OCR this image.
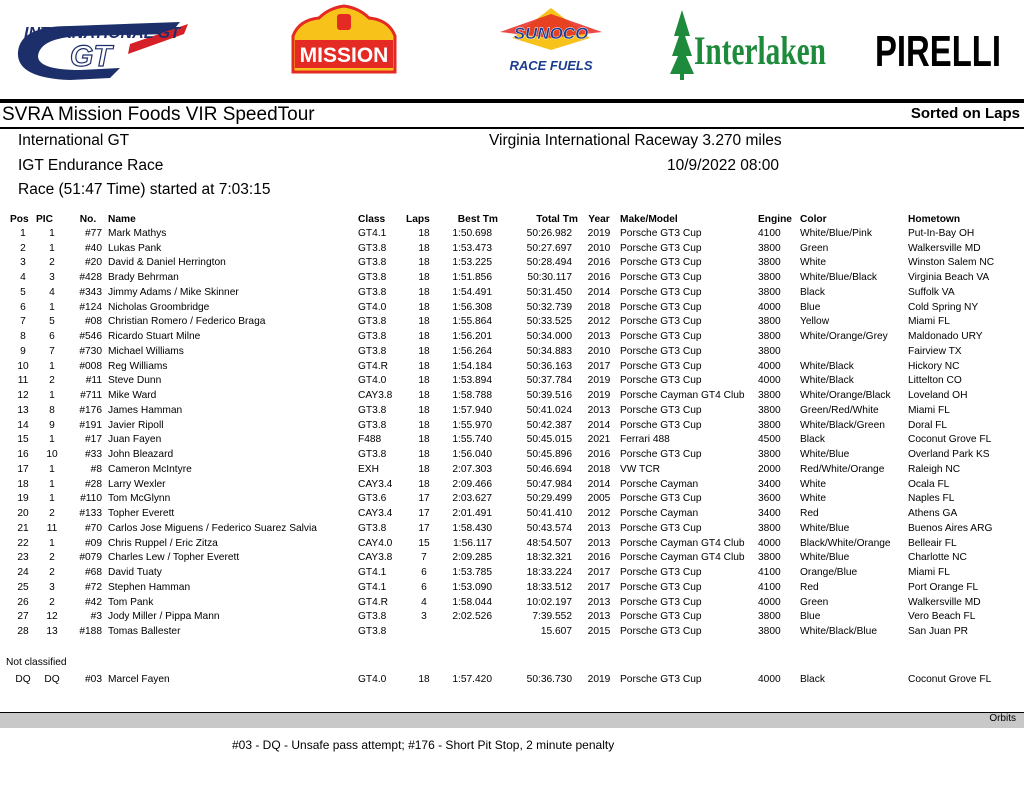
INTERNATIONAL GT
GT	MISSION
SUNOCO
RACE FUELS	Interlaken PIRELLI
SVRA Mission Foods VIR SpeedTour	Sorted on Laps
International GT	Virginia International Raceway 3.270 miles
IGT Endurance Race	10/9/2022 08:00
Race (51:47 Time) started at 7:03:15
	Pos	PIC	No.	Name	Class	Laps	Best Tm	Total Tm	Year	Make/Model	Engine	Color	Hometown
	1	1	#77	Mark Mathys	GT4.1	18	1:50.698	50:26.982	2019	Porsche GT3 Cup	4100	White/Blue/Pink	Put-In-Bay OH
	2	1	#40	Lukas Pank	GT3.8	18	1:53.473	50:27.697	2010	Porsche GT3 Cup	3800	Green	Walkersville MD
	3	2	#20	David & Daniel Herrington	GT3.8	18	1:53.225	50:28.494	2016	Porsche GT3 Cup	3800	White	Winston Salem NC
	4	3	#428	Brady Behrman	GT3.8	18	1:51.856	50:30.117	2016	Porsche GT3 Cup	3800	White/Blue/Black	Virginia Beach VA
	5	4	#343	Jimmy Adams / Mike Skinner	GT3.8	18	1:54.491	50:31.450	2014	Porsche GT3 Cup	3800	Black	Suffolk VA
	6	1	#124	Nicholas Groombridge	GT4.0	18	1:56.308	50:32.739	2018	Porsche GT3 Cup	4000	Blue	Cold Spring NY
	7	5	#08	Christian Romero / Federico Braga	GT3.8	18	1:55.864	50:33.525	2012	Porsche GT3 Cup	3800	Yellow	Miami FL
	8	6	#546	Ricardo Stuart Milne	GT3.8	18	1:56.201	50:34.000	2013	Porsche GT3 Cup	3800	White/Orange/Grey	Maldonado URY
	9	7	#730	Michael Williams	GT3.8	18	1:56.264	50:34.883	2010	Porsche GT3 Cup	3800		Fairview TX
	10	1	#008	Reg Williams	GT4.R	18	1:54.184	50:36.163	2017	Porsche GT3 Cup	4000	White/Black	Hickory NC
	11	2	#11	Steve Dunn	GT4.0	18	1:53.894	50:37.784	2019	Porsche GT3 Cup	4000	White/Black	Littelton CO
	12	1	#711	Mike Ward	CAY3.8	18	1:58.788	50:39.516	2019	Porsche Cayman GT4 Club	3800	White/Orange/Black	Loveland OH
	13	8	#176	James Hamman	GT3.8	18	1:57.940	50:41.024	2013	Porsche GT3 Cup	3800	Green/Red/White	Miami FL
	14	9	#191	Javier Ripoll	GT3.8	18	1:55.970	50:42.387	2014	Porsche GT3 Cup	3800	White/Black/Green	Doral FL
	15	1	#17	Juan Fayen	F488	18	1:55.740	50:45.015	2021	Ferrari 488	4500	Black	Coconut Grove FL
	16	10	#33	John Bleazard	GT3.8	18	1:56.040	50:45.896	2016	Porsche GT3 Cup	3800	White/Blue	Overland Park KS
	17	1	#8	Cameron McIntyre	EXH	18	2:07.303	50:46.694	2018	VW TCR	2000	Red/White/Orange	Raleigh NC
	18	1	#28	Larry Wexler	CAY3.4	18	2:09.466	50:47.984	2014	Porsche Cayman	3400	White	Ocala FL
	19	1	#110	Tom McGlynn	GT3.6	17	2:03.627	50:29.499	2005	Porsche GT3 Cup	3600	White	Naples FL
	20	2	#133	Topher Everett	CAY3.4	17	2:01.491	50:41.410	2012	Porsche Cayman	3400	Red	Athens GA
	21	11	#70	Carlos Jose Miguens / Federico Suarez Salvia	GT3.8	17	1:58.430	50:43.574	2013	Porsche GT3 Cup	3800	White/Blue	Buenos Aires ARG
	22	1	#09	Chris Ruppel / Eric Zitza	CAY4.0	15	1:56.117	48:54.507	2013	Porsche Cayman GT4 Club	4000	Black/White/Orange	Belleair FL
	23	2	#079	Charles Lew / Topher Everett	CAY3.8	7	2:09.285	18:32.321	2016	Porsche Cayman GT4 Club	3800	White/Blue	Charlotte NC
	24	2	#68	David Tuaty	GT4.1	6	1:53.785	18:33.224	2017	Porsche GT3 Cup	4100	Orange/Blue	Miami FL
	25	3	#72	Stephen Hamman	GT4.1	6	1:53.090	18:33.512	2017	Porsche GT3 Cup	4100	Red	Port Orange FL
	26	2	#42	Tom Pank	GT4.R	4	1:58.044	10:02.197	2013	Porsche GT3 Cup	4000	Green	Walkersville MD
	27	12	#3	Jody Miller / Pippa Mann	GT3.8	3	2:02.526	7:39.552	2013	Porsche GT3 Cup	3800	Blue	Vero Beach FL
	28	13	#188	Tomas Ballester	GT3.8			15.607	2015	Porsche GT3 Cup	3800	White/Black/Blue	San Juan PR
Not classified
	DQ	DQ	#03	Marcel Fayen	GT4.0	18	1:57.420	50:36.730	2019	Porsche GT3 Cup	4000	Black	Coconut Grove FL
Orbits
#03 - DQ - Unsafe pass attempt; #176 - Short Pit Stop, 2 minute penalty
